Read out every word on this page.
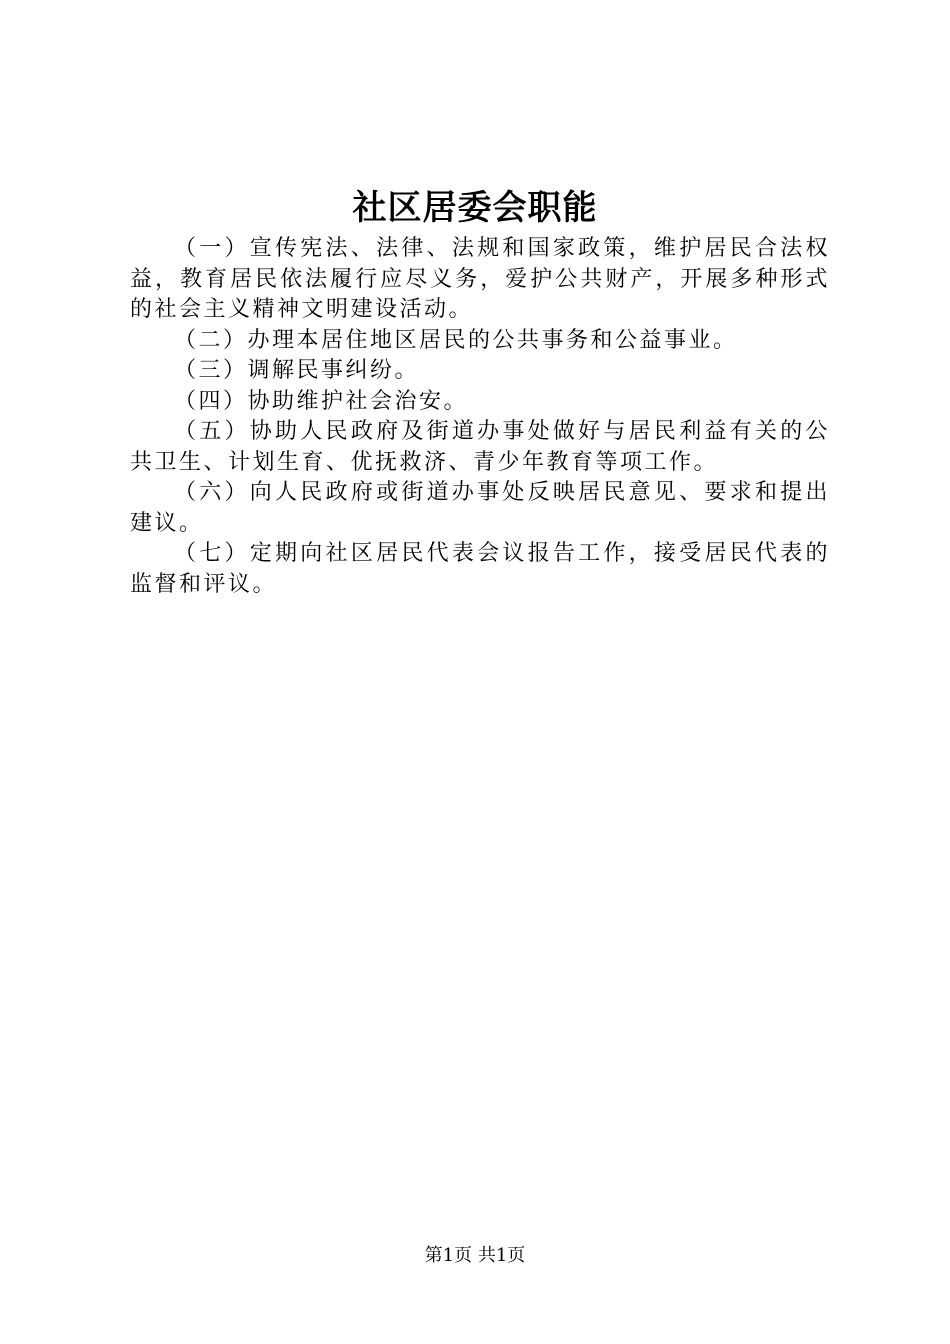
社区居委会职能

（一）宣传宪法、法律、法规和国家政策，维护居民合法权益，教育居民依法履行应尽义务，爱护公共财产，开展多种形式的社会主义精神文明建设活动。

（二）办理本居住地区居民的公共事务和公益事业。

（三）调解民事纠纷。

（四）协助维护社会治安。

（五）协助人民政府及街道办事处做好与居民利益有关的公共卫生、计划生育、优抚救济、青少年教育等项工作。

（六）向人民政府或街道办事处反映居民意见、要求和提出建议。

（七）定期向社区居民代表会议报告工作，接受居民代表的监督和评议。

第1页 共1页
